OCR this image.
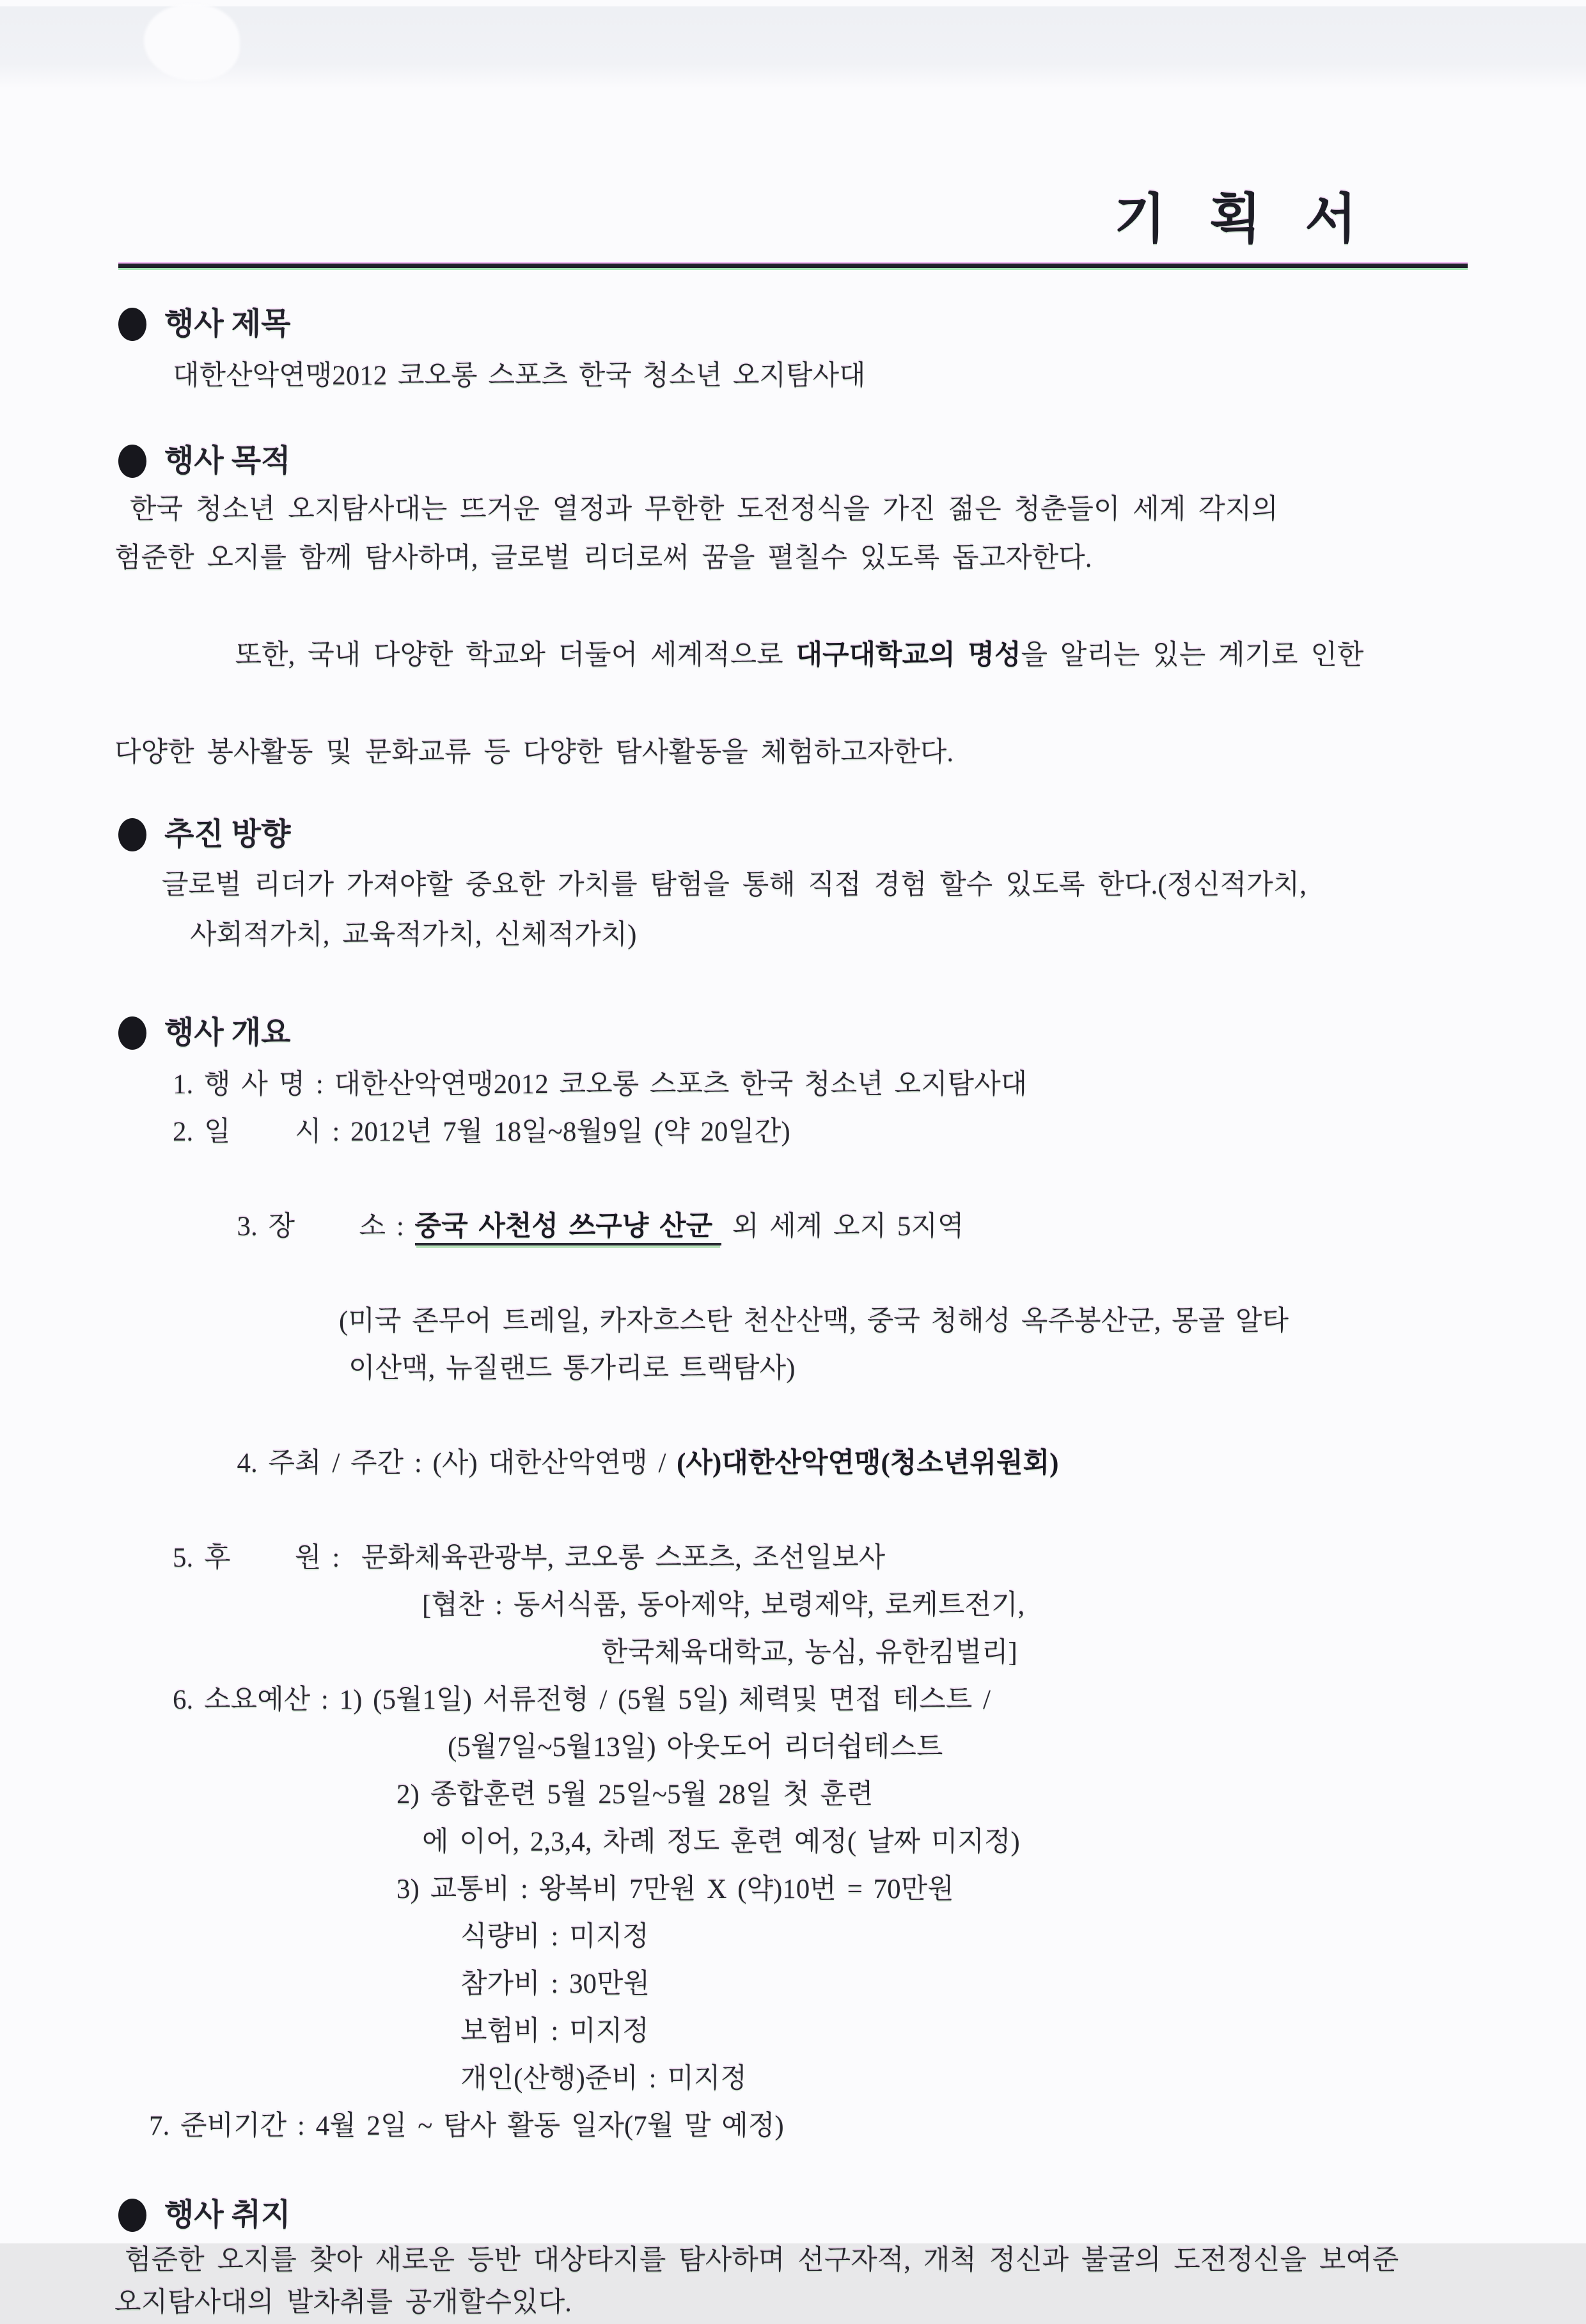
기 획 서
행사 제목
대한산악연맹2012 코오롱 스포츠 한국 청소년 오지탐사대
행사 목적
한국 청소년 오지탐사대는 뜨거운 열정과 무한한 도전정식을 가진 젊은 청춘들이 세계 각지의
험준한 오지를 함께 탐사하며, 글로벌 리더로써 꿈을 펼칠수 있도록 돕고자한다.

또한, 국내 다양한 학교와 더둘어 세계적으로 대구대학교의 명성을 알리는 있는 계기로 인한

다양한 봉사활동 및 문화교류 등 다양한 탐사활동을 체험하고자한다.
추진 방향
글로벌 리더가 가져야할 중요한 가치를 탐험을 통해 직접 경험 할수 있도록 한다.(정신적가치,
사회적가치, 교육적가치, 신체적가치)
행사 개요
1. 행 사 명 : 대한산악연맹2012 코오롱 스포츠 한국 청소년 오지탐사대
2. 일      시 : 2012년 7월 18일~8월9일 (약 20일간)

3. 장      소 : 중국 사천성 쓰구냥 산군 외 세계 오지 5지역

(미국 존무어 트레일, 카자흐스탄 천산산맥, 중국 청해성 옥주봉산군, 몽골 알타
이산맥, 뉴질랜드 통가리로 트랙탐사)

4. 주최 / 주간 : (사) 대한산악연맹 / (사)대한산악연맹(청소년위원회)

5. 후      원 :  문화체육관광부, 코오롱 스포츠, 조선일보사
[협찬 : 동서식품, 동아제약, 보령제약, 로케트전기,
한국체육대학교, 농심, 유한킴벌리]
6. 소요예산 : 1) (5월1일) 서류전형 / (5월 5일) 체력및 면접 테스트 /
(5월7일~5월13일) 아웃도어 리더쉽테스트
2) 종합훈련 5월 25일~5월 28일 첫 훈련
에 이어, 2,3,4, 차례 정도 훈련 예정( 날짜 미지정)
3) 교통비 : 왕복비 7만원 X (약)10번 = 70만원
식량비 : 미지정
참가비 : 30만원
보험비 : 미지정
개인(산행)준비 : 미지정
7. 준비기간 : 4월 2일 ~ 탐사 활동 일자(7월 말 예정)
행사 취지
험준한 오지를 찾아 새로운 등반 대상타지를 탐사하며 선구자적, 개척 정신과 불굴의 도전정신을 보여준
오지탐사대의 발차취를 공개할수있다.
